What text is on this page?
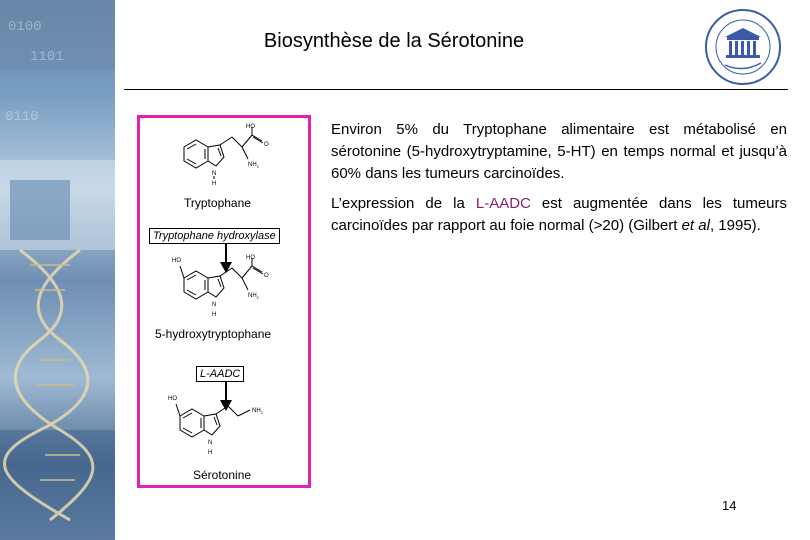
0100
1101
0110
Biosynthèse de la Sérotonine
HO
O
$NH_2$
N
H
Tryptophane
Tryptophane hydroxylase
HO	HO
O
$NH_2$
N
H
5-hydroxytryptophane
L-AADC
HO
$NH_2$
N
H
Sérotonine
Environ 5% du Tryptophane alimentaire est métabolisé en sérotonine (5-hydroxytryptamine, 5-HT) en temps normal et jusqu’à 60% dans les tumeurs carcinoïdes.
L’expression de la L-AADC est augmentée dans les tumeurs carcinoïdes par rapport au foie normal (>20) (Gilbert et al, 1995).
14
